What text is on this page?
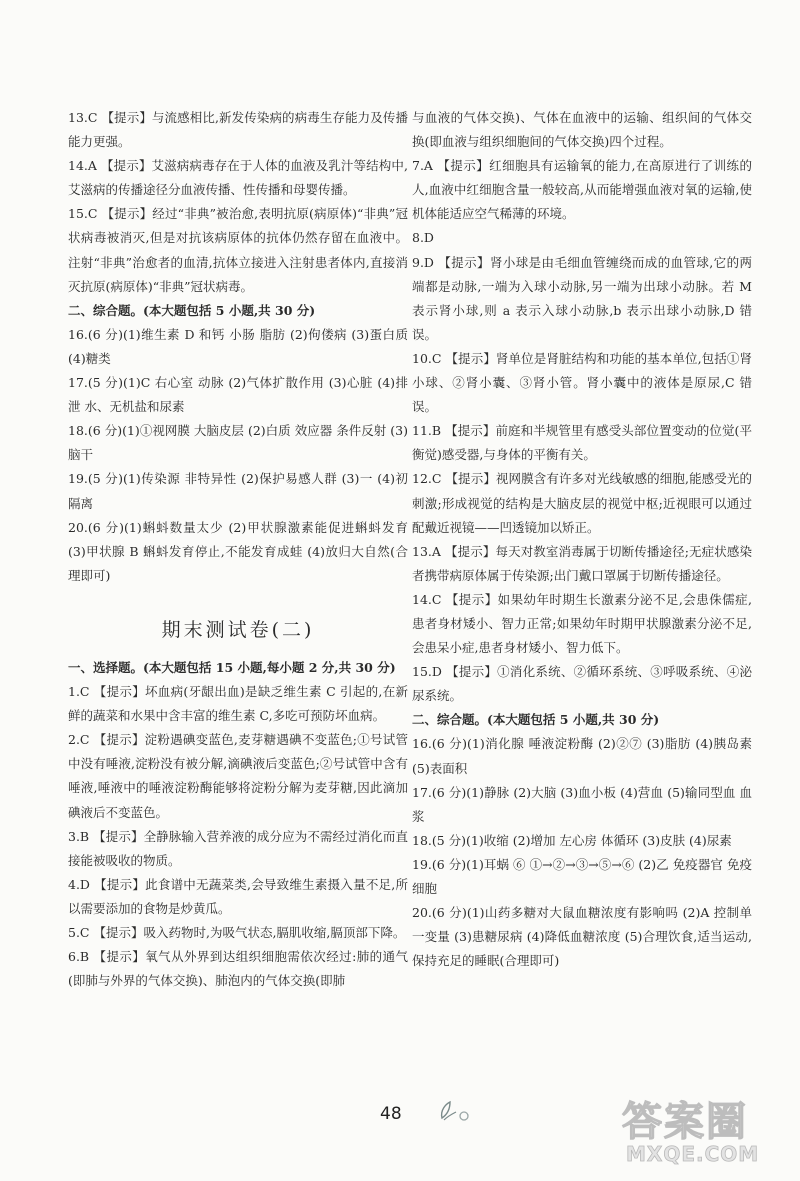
13.C 【提示】与流感相比,新发传染病的病毒生存能力及传播能力更强。

14.A 【提示】艾滋病病毒存在于人体的血液及乳汁等结构中,艾滋病的传播途径分血液传播、性传播和母婴传播。

15.C 【提示】经过“非典”被治愈,表明抗原(病原体)“非典”冠状病毒被消灭,但是对抗该病原体的抗体仍然存留在血液中。注射“非典”治愈者的血清,抗体立接进入注射患者体内,直接消灭抗原(病原体)“非典”冠状病毒。

二、综合题。(本大题包括 5 小题,共 30 分)

16.(6 分)(1)维生素 D 和钙 小肠 脂肪 (2)佝偻病 (3)蛋白质 (4)糖类

17.(5 分)(1)C 右心室 动脉 (2)气体扩散作用 (3)心脏 (4)排泄 水、无机盐和尿素

18.(6 分)(1)①视网膜 大脑皮层 (2)白质 效应器 条件反射 (3)脑干

19.(5 分)(1)传染源 非特异性 (2)保护易感人群 (3)一 (4)初 隔离

20.(6 分)(1)蝌蚪数量太少 (2)甲状腺激素能促进蝌蚪发育 (3)甲状腺 B 蝌蚪发育停止,不能发育成蛙 (4)放归大自然(合理即可)

期末测试卷(二)

一、选择题。(本大题包括 15 小题,每小题 2 分,共 30 分)

1.C 【提示】坏血病(牙龈出血)是缺乏维生素 C 引起的,在新鲜的蔬菜和水果中含丰富的维生素 C,多吃可预防坏血病。

2.C 【提示】淀粉遇碘变蓝色,麦芽糖遇碘不变蓝色;①号试管中没有唾液,淀粉没有被分解,滴碘液后变蓝色;②号试管中含有唾液,唾液中的唾液淀粉酶能够将淀粉分解为麦芽糖,因此滴加碘液后不变蓝色。

3.B 【提示】全静脉输入营养液的成分应为不需经过消化而直接能被吸收的物质。

4.D 【提示】此食谱中无蔬菜类,会导致维生素摄入量不足,所以需要添加的食物是炒黄瓜。

5.C 【提示】吸入药物时,为吸气状态,膈肌收缩,膈顶部下降。

6.B 【提示】氧气从外界到达组织细胞需依次经过:肺的通气(即肺与外界的气体交换)、肺泡内的气体交换(即肺

与血液的气体交换)、气体在血液中的运输、组织间的气体交换(即血液与组织细胞间的气体交换)四个过程。

7.A 【提示】红细胞具有运输氧的能力,在高原进行了训练的人,血液中红细胞含量一般较高,从而能增强血液对氧的运输,使机体能适应空气稀薄的环境。

8.D

9.D 【提示】肾小球是由毛细血管缠绕而成的血管球,它的两端都是动脉,一端为入球小动脉,另一端为出球小动脉。若 M 表示肾小球,则 a 表示入球小动脉,b 表示出球小动脉,D 错误。

10.C 【提示】肾单位是肾脏结构和功能的基本单位,包括①肾小球、②肾小囊、③肾小管。肾小囊中的液体是原尿,C 错误。

11.B 【提示】前庭和半规管里有感受头部位置变动的位觉(平衡觉)感受器,与身体的平衡有关。

12.C 【提示】视网膜含有许多对光线敏感的细胞,能感受光的刺激;形成视觉的结构是大脑皮层的视觉中枢;近视眼可以通过配戴近视镜——凹透镜加以矫正。

13.A 【提示】每天对教室消毒属于切断传播途径;无症状感染者携带病原体属于传染源;出门戴口罩属于切断传播途径。

14.C 【提示】如果幼年时期生长激素分泌不足,会患侏儒症,患者身材矮小、智力正常;如果幼年时期甲状腺激素分泌不足,会患呆小症,患者身材矮小、智力低下。

15.D 【提示】①消化系统、②循环系统、③呼吸系统、④泌尿系统。

二、综合题。(本大题包括 5 小题,共 30 分)

16.(6 分)(1)消化腺 唾液淀粉酶 (2)②⑦ (3)脂肪 (4)胰岛素 (5)表面积

17.(6 分)(1)静脉 (2)大脑 (3)血小板 (4)营血 (5)输同型血 血浆

18.(5 分)(1)收缩 (2)增加 左心房 体循环 (3)皮肤 (4)尿素

19.(6 分)(1)耳蜗 ⑥ ①→②→③→⑤→⑥ (2)乙 免疫器官 免疫细胞

20.(6 分)(1)山药多糖对大鼠血糖浓度有影响吗 (2)A 控制单一变量 (3)患糖尿病 (4)降低血糖浓度 (5)合理饮食,适当运动,保持充足的睡眠(合理即可)

48	答案圈
MXQE.COM
